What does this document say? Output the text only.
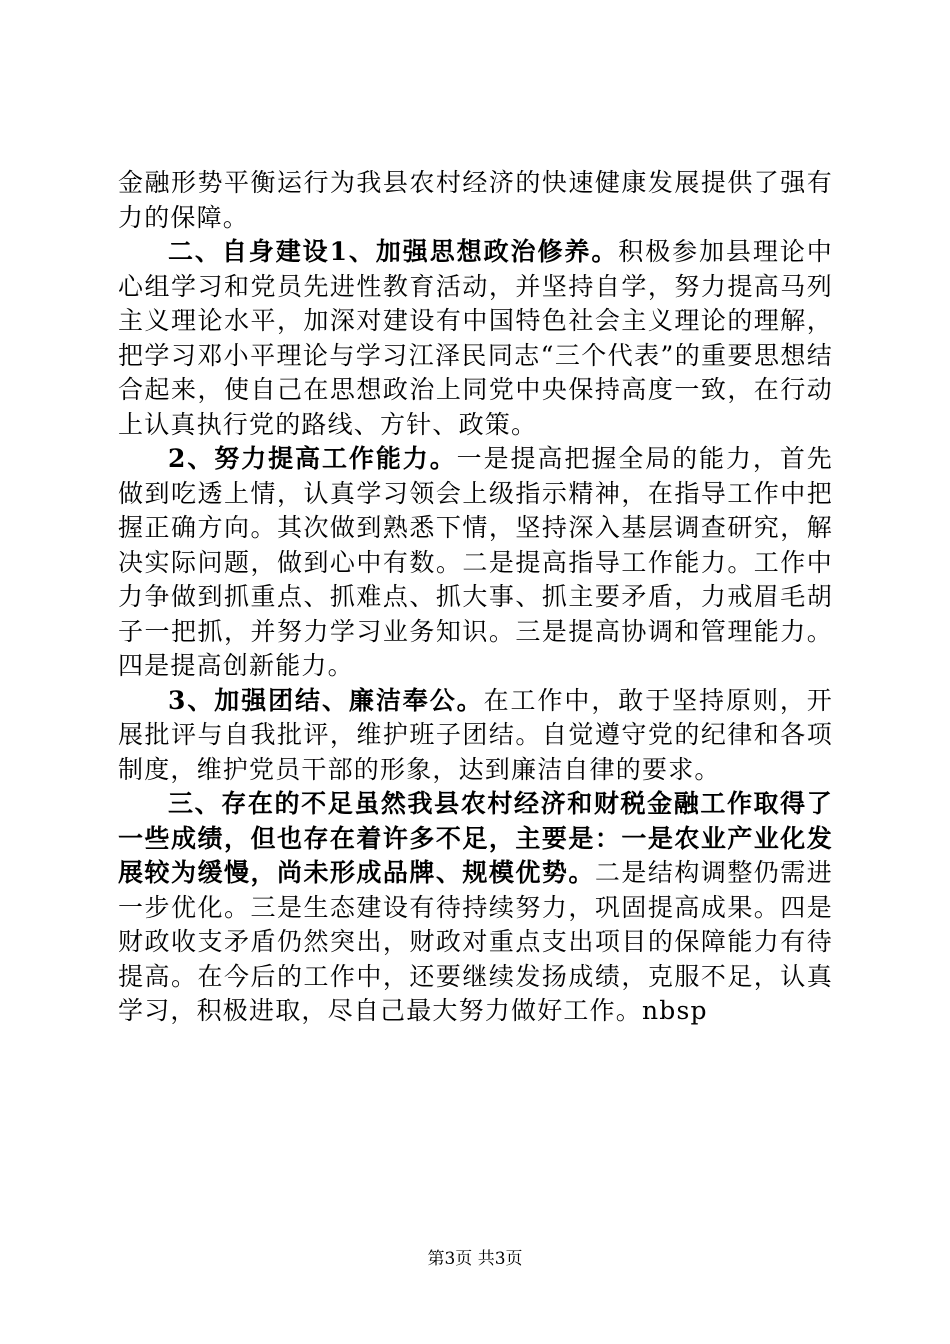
金融形势平衡运行为我县农村经济的快速健康发展提供了强有力的保障。

二、自身建设1、加强思想政治修养。积极参加县理论中心组学习和党员先进性教育活动，并坚持自学，努力提高马列主义理论水平，加深对建设有中国特色社会主义理论的理解，把学习邓小平理论与学习江泽民同志“三个代表”的重要思想结合起来，使自己在思想政治上同党中央保持高度一致，在行动上认真执行党的路线、方针、政策。

2、努力提高工作能力。一是提高把握全局的能力，首先做到吃透上情，认真学习领会上级指示精神，在指导工作中把握正确方向。其次做到熟悉下情，坚持深入基层调查研究，解决实际问题，做到心中有数。二是提高指导工作能力。工作中力争做到抓重点、抓难点、抓大事、抓主要矛盾，力戒眉毛胡子一把抓，并努力学习业务知识。三是提高协调和管理能力。四是提高创新能力。

3、加强团结、廉洁奉公。在工作中，敢于坚持原则，开展批评与自我批评，维护班子团结。自觉遵守党的纪律和各项制度，维护党员干部的形象，达到廉洁自律的要求。

三、存在的不足虽然我县农村经济和财税金融工作取得了一些成绩，但也存在着许多不足，主要是：一是农业产业化发展较为缓慢，尚未形成品牌、规模优势。二是结构调整仍需进一步优化。三是生态建设有待持续努力，巩固提高成果。四是财政收支矛盾仍然突出，财政对重点支出项目的保障能力有待提高。在今后的工作中，还要继续发扬成绩，克服不足，认真学习，积极进取，尽自己最大努力做好工作。nbsp

第3页 共3页
